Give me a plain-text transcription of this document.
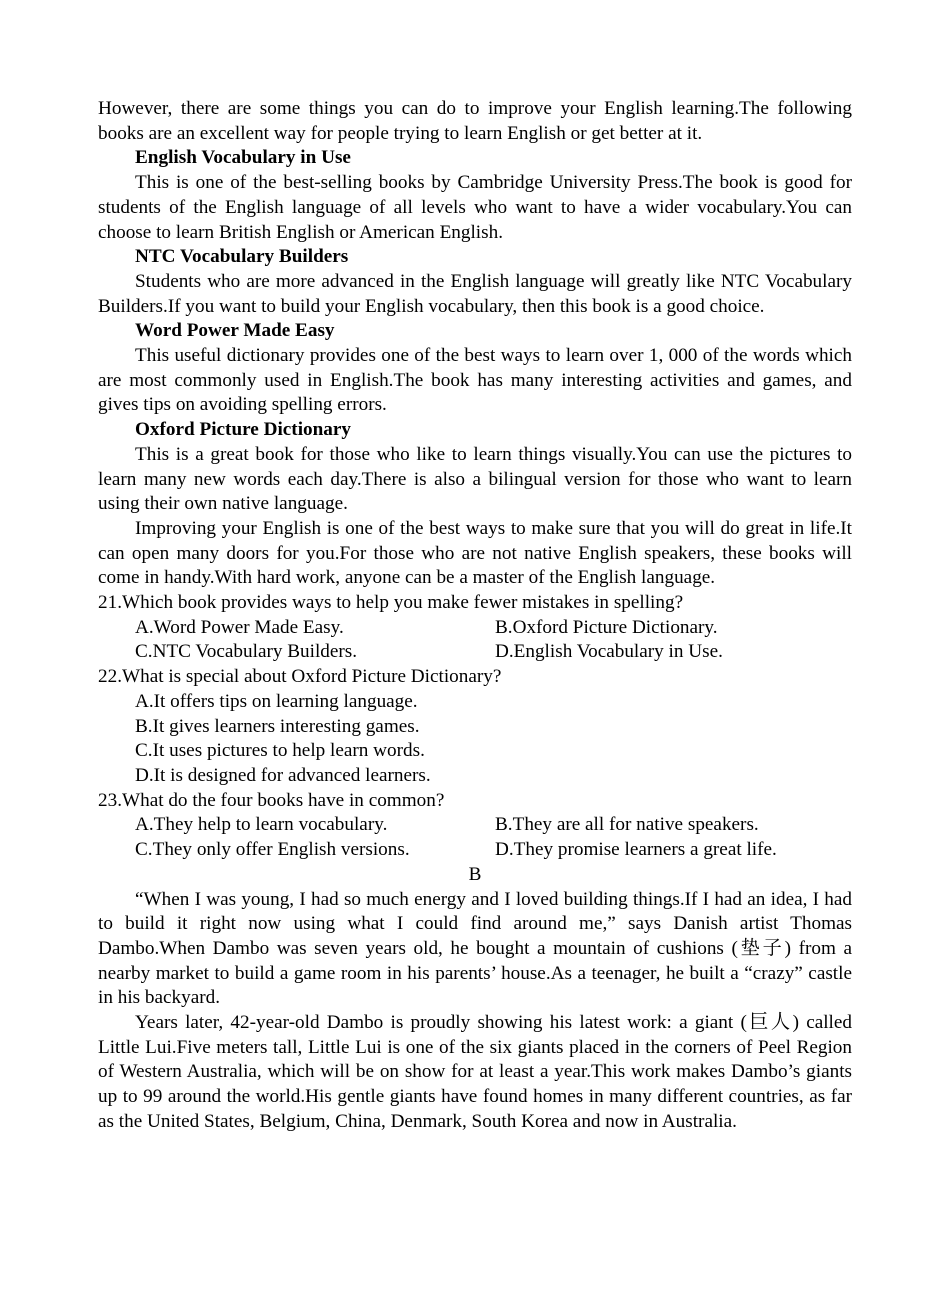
However, there are some things you can do to improve your English learning.The following books are an excellent way for people trying to learn English or get better at it.

English Vocabulary in Use

This is one of the best-selling books by Cambridge University Press.The book is good for students of the English language of all levels who want to have a wider vocabulary.You can choose to learn British English or American English.

NTC Vocabulary Builders

Students who are more advanced in the English language will greatly like NTC Vocabulary Builders.If you want to build your English vocabulary, then this book is a good choice.

Word Power Made Easy

This useful dictionary provides one of the best ways to learn over 1, 000 of the words which are most commonly used in English.The book has many interesting activities and games, and gives tips on avoiding spelling errors.

Oxford Picture Dictionary

This is a great book for those who like to learn things visually.You can use the pictures to learn many new words each day.There is also a bilingual version for those who want to learn using their own native language.

Improving your English is one of the best ways to make sure that you will do great in life.It can open many doors for you.For those who are not native English speakers, these books will come in handy.With hard work, anyone can be a master of the English language.

21.Which book provides ways to help you make fewer mistakes in spelling?

A.Word Power Made Easy.	B.Oxford Picture Dictionary.
C.NTC Vocabulary Builders.	D.English Vocabulary in Use.

22.What is special about Oxford Picture Dictionary?

A.It offers tips on learning language.
B.It gives learners interesting games.
C.It uses pictures to help learn words.
D.It is designed for advanced learners.

23.What do the four books have in common?

A.They help to learn vocabulary.	B.They are all for native speakers.
C.They only offer English versions.	D.They promise learners a great life.

B

“When I was young, I had so much energy and I loved building things.If I had an idea, I had to build it right now using what I could find around me,” says Danish artist Thomas Dambo.When Dambo was seven years old, he bought a mountain of cushions (垫子) from a nearby market to build a game room in his parents’ house.As a teenager, he built a “crazy” castle in his backyard.

Years later, 42-year-old Dambo is proudly showing his latest work: a giant (巨人) called Little Lui.Five meters tall, Little Lui is one of the six giants placed in the corners of Peel Region of Western Australia, which will be on show for at least a year.This work makes Dambo’s giants up to 99 around the world.His gentle giants have found homes in many different countries, as far as the United States, Belgium, China, Denmark, South Korea and now in Australia.
